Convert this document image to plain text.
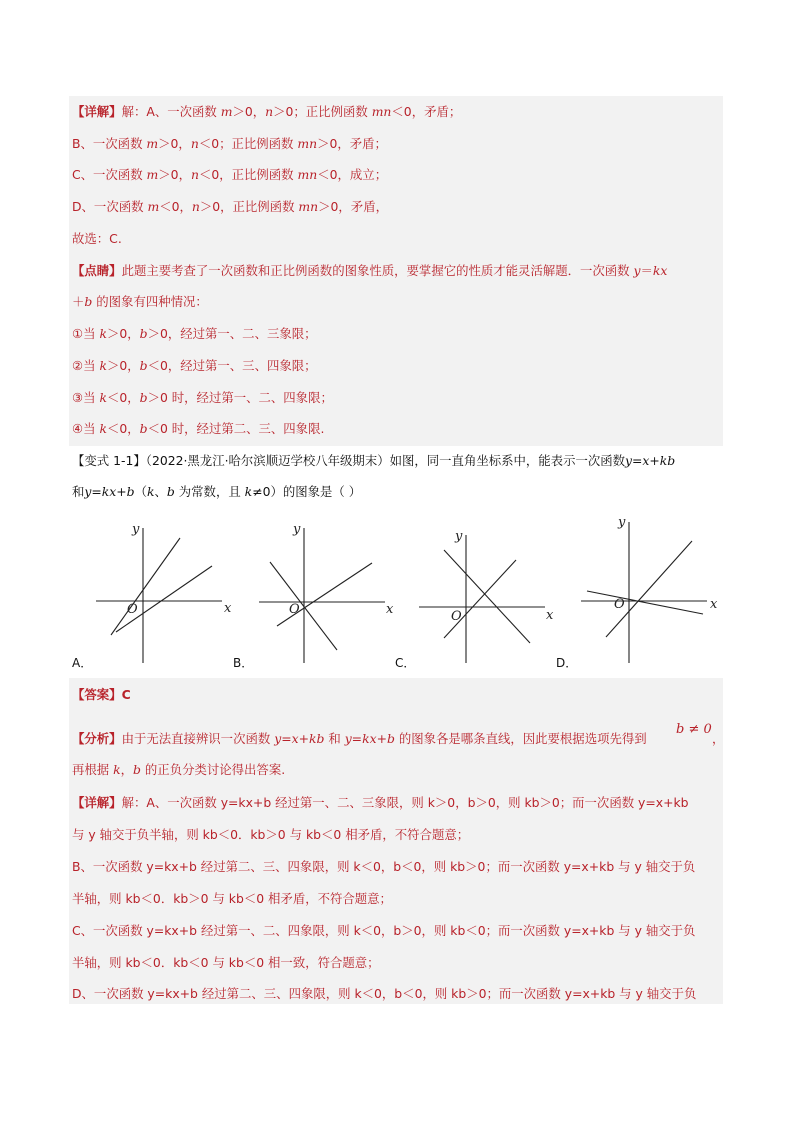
【详解】解：A、一次函数 m＞0，n＞0；正比例函数 mn＜0，矛盾；
B、一次函数 m＞0，n＜0；正比例函数 mn＞0，矛盾；
C、一次函数 m＞0，n＜0，正比例函数 mn＜0，成立；
D、一次函数 m＜0，n＞0，正比例函数 mn＞0，矛盾，
故选：C.
【点睛】此题主要考查了一次函数和正比例函数的图象性质，要掌握它的性质才能灵活解题．一次函数 y＝kx
＋b 的图象有四种情况：
①当 k＞0，b＞0，经过第一、二、三象限；
②当 k＞0，b＜0，经过第一、三、四象限；
③当 k＜0，b＞0 时，经过第一、二、四象限；
④当 k＜0，b＜0 时，经过第二、三、四象限.
【变式 1-1】（2022·黑龙江·哈尔滨顺迈学校八年级期末）如图，同一直角坐标系中，能表示一次函数y=x+kb
和y=kx+b（k、b 为常数，且 k≠0）的图象是（ ）
y
x
O
y
x
O
y
x
O
y
x
O
A．	B．	C．	D．
【答案】C
【分析】由于无法直接辨识一次函数 y=x+kb 和 y=kx+b 的图象各是哪条直线，因此要根据选项先得到
b ≠ 0
，
再根据 k，b 的正负分类讨论得出答案.
【详解】解：A、一次函数 y=kx+b 经过第一、二、三象限，则 k＞0，b＞0，则 kb＞0；而一次函数 y=x+kb
与 y 轴交于负半轴，则 kb＜0．kb＞0 与 kb＜0 相矛盾，不符合题意；
B、一次函数 y=kx+b 经过第二、三、四象限，则 k＜0，b＜0，则 kb＞0；而一次函数 y=x+kb 与 y 轴交于负
半轴，则 kb＜0．kb＞0 与 kb＜0 相矛盾，不符合题意；
C、一次函数 y=kx+b 经过第一、二、四象限，则 k＜0，b＞0，则 kb＜0；而一次函数 y=x+kb 与 y 轴交于负
半轴，则 kb＜0．kb＜0 与 kb＜0 相一致，符合题意；
D、一次函数 y=kx+b 经过第二、三、四象限，则 k＜0，b＜0，则 kb＞0；而一次函数 y=x+kb 与 y 轴交于负
